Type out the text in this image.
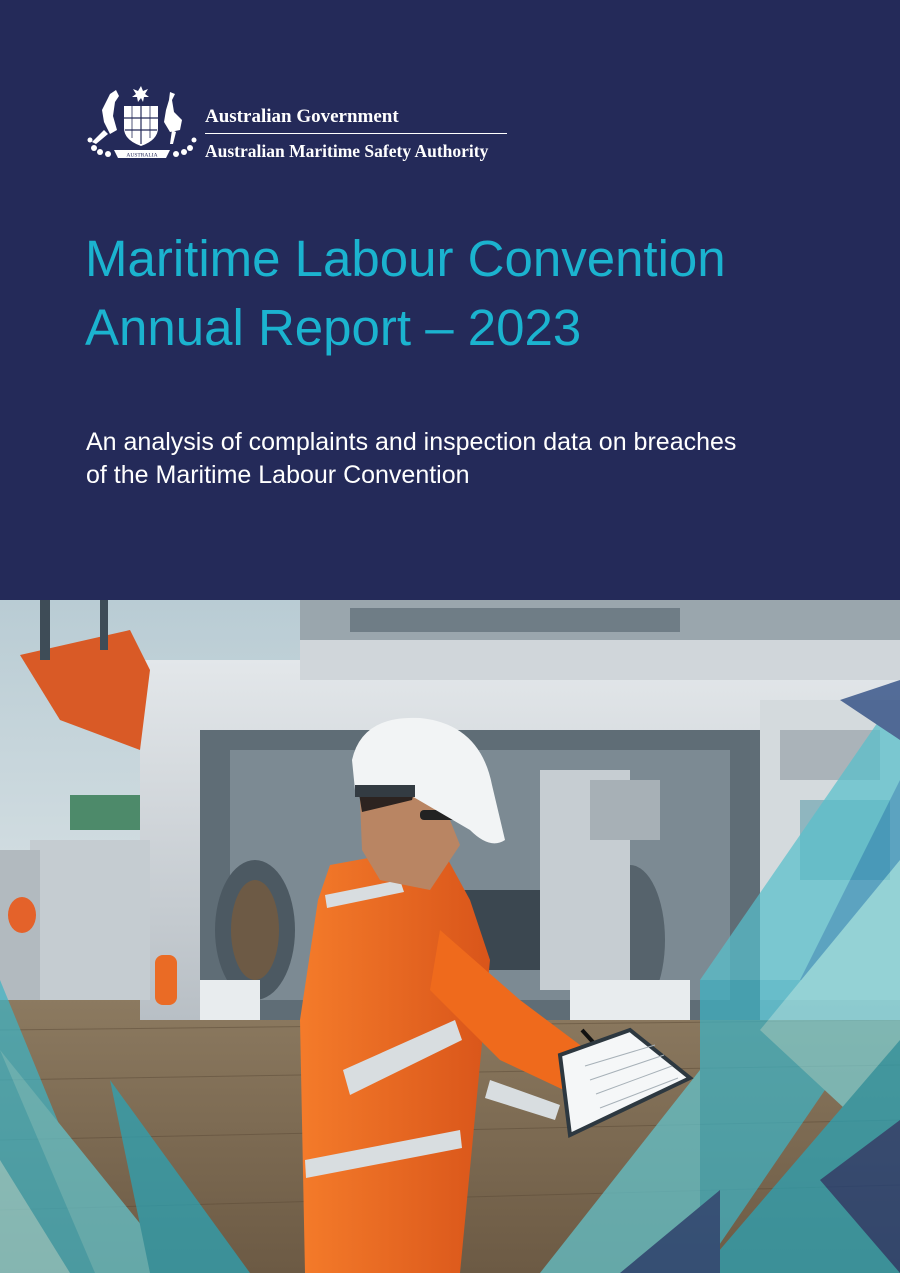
AUSTRALIA
Australian Government
Australian Maritime Safety Authority
Maritime Labour Convention
Annual Report – 2023

An analysis of complaints and inspection data on breaches
of the Maritime Labour Convention
